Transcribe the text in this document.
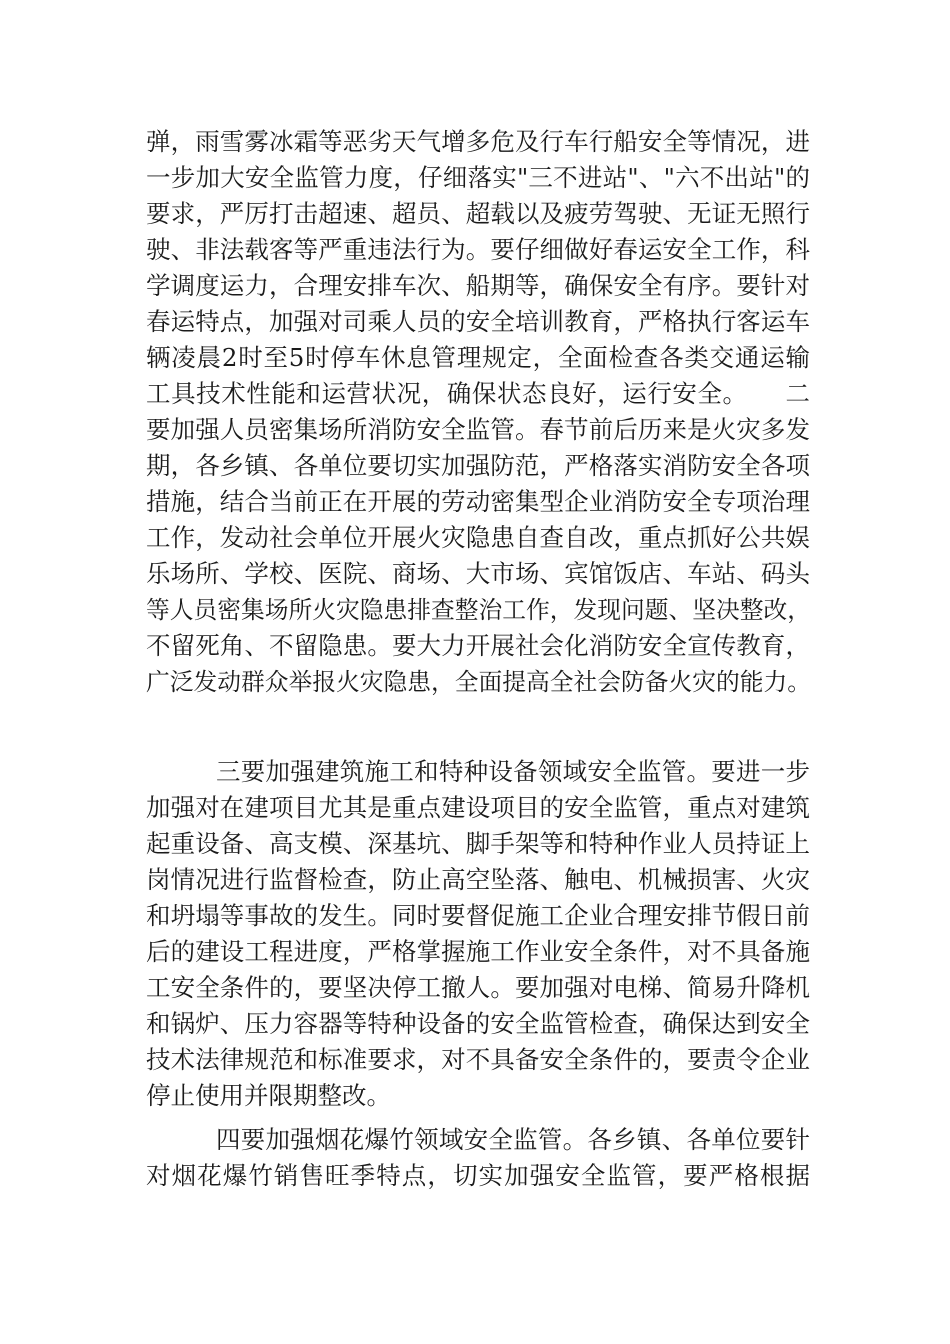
弹，雨雪雾冰霜等恶劣天气增多危及行车行船安全等情况，进
一步加大安全监管力度，仔细落实"三不进站"、"六不出站"的
要求，严厉打击超速、超员、超载以及疲劳驾驶、无证无照行
驶、非法载客等严重违法行为。要仔细做好春运安全工作，科
学调度运力，合理安排车次、船期等，确保安全有序。要针对
春运特点，加强对司乘人员的安全培训教育，严格执行客运车
辆凌晨2时至5时停车休息管理规定，全面检查各类交通运输
工具技术性能和运营状况，确保状态良好，运行安全。　　二
要加强人员密集场所消防安全监管。春节前后历来是火灾多发
期，各乡镇、各单位要切实加强防范，严格落实消防安全各项
措施，结合当前正在开展的劳动密集型企业消防安全专项治理
工作，发动社会单位开展火灾隐患自查自改，重点抓好公共娱
乐场所、学校、医院、商场、大市场、宾馆饭店、车站、码头
等人员密集场所火灾隐患排查整治工作，发现问题、坚决整改，
不留死角、不留隐患。要大力开展社会化消防安全宣传教育，
广泛发动群众举报火灾隐患，全面提高全社会防备火灾的能力。
三要加强建筑施工和特种设备领域安全监管。要进一步
加强对在建项目尤其是重点建设项目的安全监管，重点对建筑
起重设备、高支模、深基坑、脚手架等和特种作业人员持证上
岗情况进行监督检查，防止高空坠落、触电、机械损害、火灾
和坍塌等事故的发生。同时要督促施工企业合理安排节假日前
后的建设工程进度，严格掌握施工作业安全条件，对不具备施
工安全条件的，要坚决停工撤人。要加强对电梯、简易升降机
和锅炉、压力容器等特种设备的安全监管检查，确保达到安全
技术法律规范和标准要求，对不具备安全条件的，要责令企业
停止使用并限期整改。
四要加强烟花爆竹领域安全监管。各乡镇、各单位要针
对烟花爆竹销售旺季特点，切实加强安全监管，要严格根据
